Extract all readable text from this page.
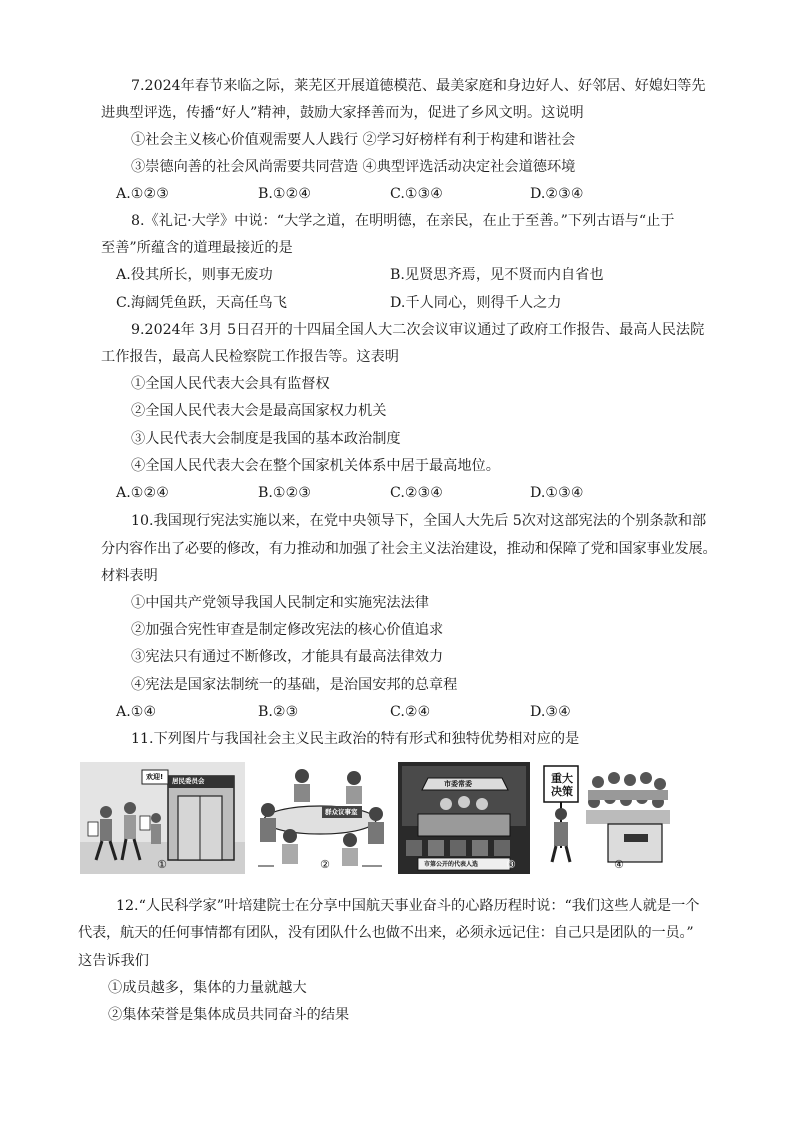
7.2024年春节来临之际，莱芜区开展道德模范、最美家庭和身边好人、好邻居、好媳妇等先
进典型评选，传播“好人”精神，鼓励大家择善而为，促进了乡风文明。这说明
①社会主义核心价值观需要人人践行 ②学习好榜样有利于构建和谐社会
③崇德向善的社会风尚需要共同营造 ④典型评选活动决定社会道德环境
A.①②③	B.①②④	C.①③④	D.②③④
8.《礼记·大学》中说：“大学之道，在明明德，在亲民，在止于至善。”下列古语与“止于
至善”所蕴含的道理最接近的是
A.役其所长，则事无废功	B.见贤思齐焉，见不贤而内自省也
C.海阔凭鱼跃，天高任鸟飞	D.千人同心，则得千人之力
9.2024年 3月 5日召开的十四届全国人大二次会议审议通过了政府工作报告、最高人民法院
工作报告，最高人民检察院工作报告等。这表明
①全国人民代表大会具有监督权
②全国人民代表大会是最高国家权力机关
③人民代表大会制度是我国的基本政治制度
④全国人民代表大会在整个国家机关体系中居于最高地位。
A.①②④	B.①②③	C.②③④	D.①③④
10.我国现行宪法实施以来，在党中央领导下，全国人大先后 5次对这部宪法的个别条款和部
分内容作出了必要的修改，有力推动和加强了社会主义法治建设，推动和保障了党和国家事业发展。
材料表明
①中国共产党领导我国人民制定和实施宪法法律
②加强合宪性审查是制定修改宪法的核心价值追求
③宪法只有通过不断修改，才能具有最高法律效力
④宪法是国家法制统一的基础，是治国安邦的总章程
A.①④	B.②③	C.②④	D.③④
11.下列图片与我国社会主义民主政治的特有形式和独特优势相对应的是
欢迎! 居民委员会
①
群众议事室
②
市委常委
市第公开的代表人选	③
重大决策
④
12.“人民科学家”叶培建院士在分享中国航天事业奋斗的心路历程时说：“我们这些人就是一个
代表，航天的任何事情都有团队，没有团队什么也做不出来，必须永远记住：自己只是团队的一员。”
这告诉我们
①成员越多，集体的力量就越大
②集体荣誉是集体成员共同奋斗的结果
